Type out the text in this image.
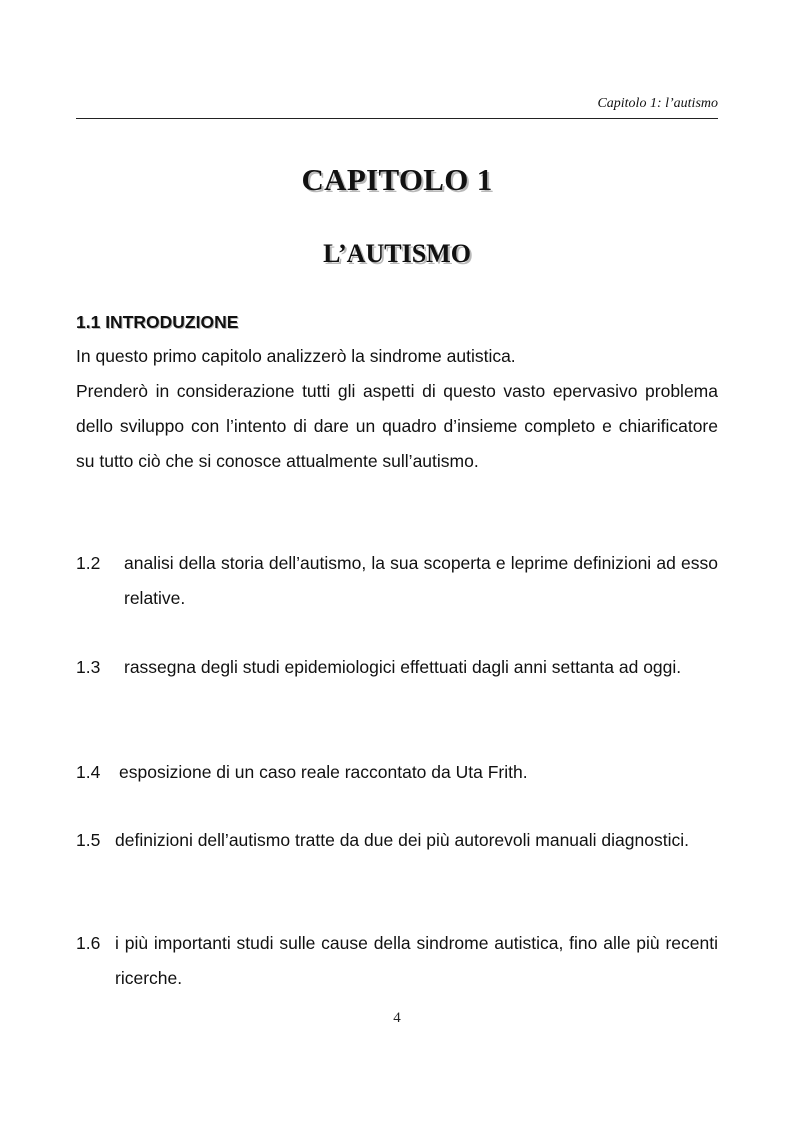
Capitolo 1: l’autismo
CAPITOLO 1
L’AUTISMO
1.1 INTRODUZIONE
In questo primo capitolo analizzerò la sindrome autistica.
Prenderò in considerazione tutti gli aspetti di questo vasto epervasivo problema dello sviluppo con l’intento di dare un quadro d’insieme completo e chiarificatore su tutto ciò che si conosce attualmente sull’autismo.
1.2	analisi della storia dell’autismo, la sua scoperta e leprime definizioni ad esso relative.
1.3	rassegna degli studi epidemiologici effettuati dagli anni settanta ad oggi.
1.4	esposizione di un caso reale raccontato da Uta Frith.
1.5 definizioni dell’autismo tratte da due dei più autorevoli manuali diagnostici.
1.6 i più importanti studi sulle cause della sindrome autistica, fino alle più recenti ricerche.
4
